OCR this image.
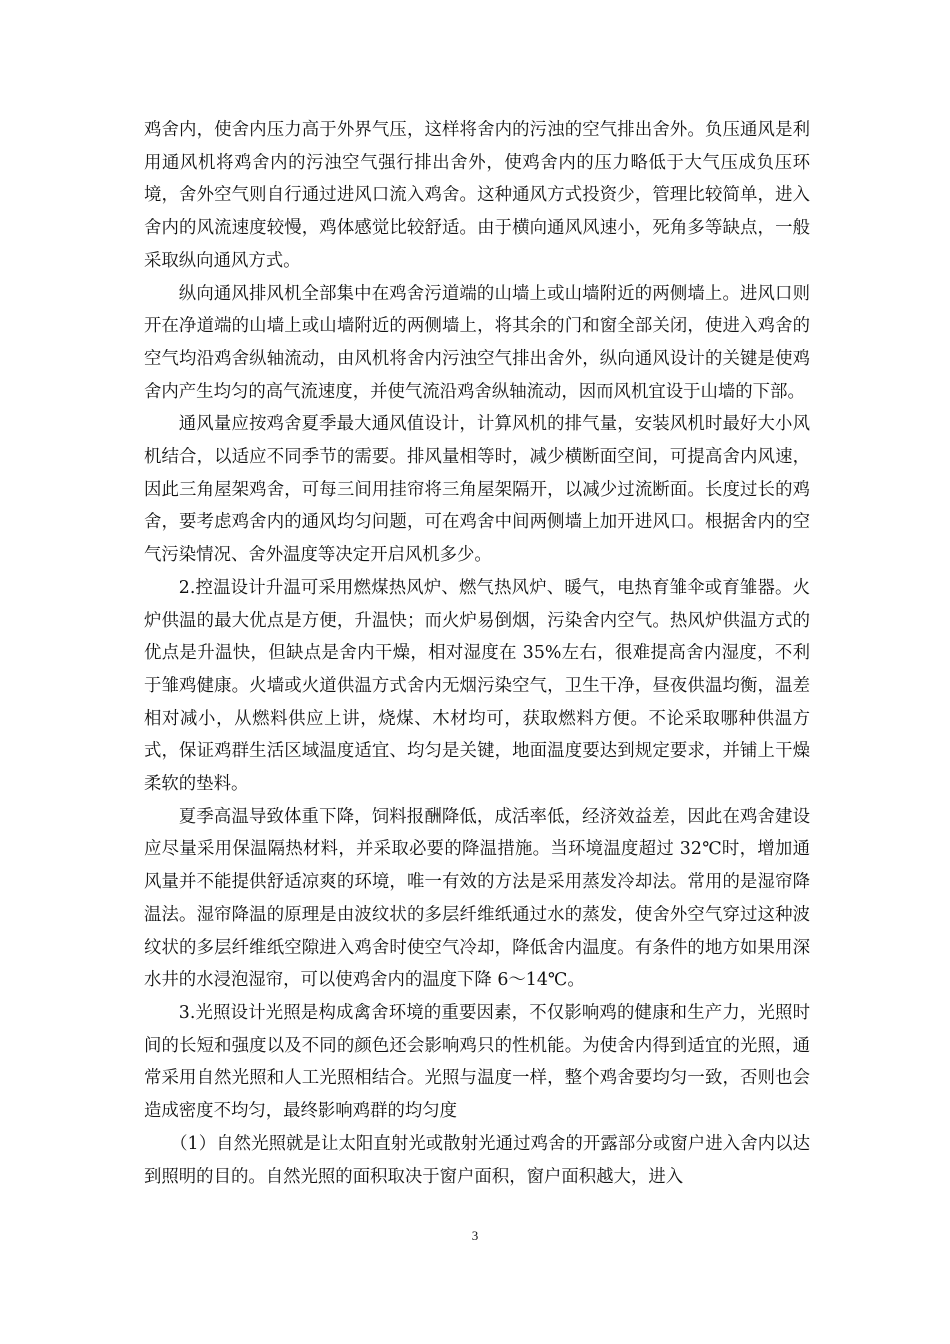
鸡舍内，使舍内压力高于外界气压，这样将舍内的污浊的空气排出舍外。负压通风是利用通风机将鸡舍内的污浊空气强行排出舍外，使鸡舍内的压力略低于大气压成负压环境，舍外空气则自行通过进风口流入鸡舍。这种通风方式投资少，管理比较简单，进入舍内的风流速度较慢，鸡体感觉比较舒适。由于横向通风风速小，死角多等缺点，一般采取纵向通风方式。

纵向通风排风机全部集中在鸡舍污道端的山墙上或山墙附近的两侧墙上。进风口则开在净道端的山墙上或山墙附近的两侧墙上，将其余的门和窗全部关闭，使进入鸡舍的空气均沿鸡舍纵轴流动，由风机将舍内污浊空气排出舍外，纵向通风设计的关键是使鸡舍内产生均匀的高气流速度，并使气流沿鸡舍纵轴流动，因而风机宜设于山墙的下部。

通风量应按鸡舍夏季最大通风值设计，计算风机的排气量，安装风机时最好大小风机结合，以适应不同季节的需要。排风量相等时，减少横断面空间，可提高舍内风速，因此三角屋架鸡舍，可每三间用挂帘将三角屋架隔开，以减少过流断面。长度过长的鸡舍，要考虑鸡舍内的通风均匀问题，可在鸡舍中间两侧墙上加开进风口。根据舍内的空气污染情况、舍外温度等决定开启风机多少。

2.控温设计升温可采用燃煤热风炉、燃气热风炉、暖气，电热育雏伞或育雏器。火炉供温的最大优点是方便，升温快；而火炉易倒烟，污染舍内空气。热风炉供温方式的优点是升温快，但缺点是舍内干燥，相对湿度在 35%左右，很难提高舍内湿度，不利于雏鸡健康。火墙或火道供温方式舍内无烟污染空气，卫生干净，昼夜供温均衡，温差相对减小，从燃料供应上讲，烧煤、木材均可，获取燃料方便。不论采取哪种供温方式，保证鸡群生活区域温度适宜、均匀是关键，地面温度要达到规定要求，并铺上干燥柔软的垫料。

夏季高温导致体重下降，饲料报酬降低，成活率低，经济效益差，因此在鸡舍建设应尽量采用保温隔热材料，并采取必要的降温措施。当环境温度超过 32℃时，增加通风量并不能提供舒适凉爽的环境，唯一有效的方法是采用蒸发冷却法。常用的是湿帘降温法。湿帘降温的原理是由波纹状的多层纤维纸通过水的蒸发，使舍外空气穿过这种波纹状的多层纤维纸空隙进入鸡舍时使空气冷却，降低舍内温度。有条件的地方如果用深水井的水浸泡湿帘，可以使鸡舍内的温度下降 6～14℃。

3.光照设计光照是构成禽舍环境的重要因素，不仅影响鸡的健康和生产力，光照时间的长短和强度以及不同的颜色还会影响鸡只的性机能。为使舍内得到适宜的光照，通常采用自然光照和人工光照相结合。光照与温度一样，整个鸡舍要均匀一致，否则也会造成密度不均匀，最终影响鸡群的均匀度

（1）自然光照就是让太阳直射光或散射光通过鸡舍的开露部分或窗户进入舍内以达到照明的目的。自然光照的面积取决于窗户面积，窗户面积越大，进入

3
